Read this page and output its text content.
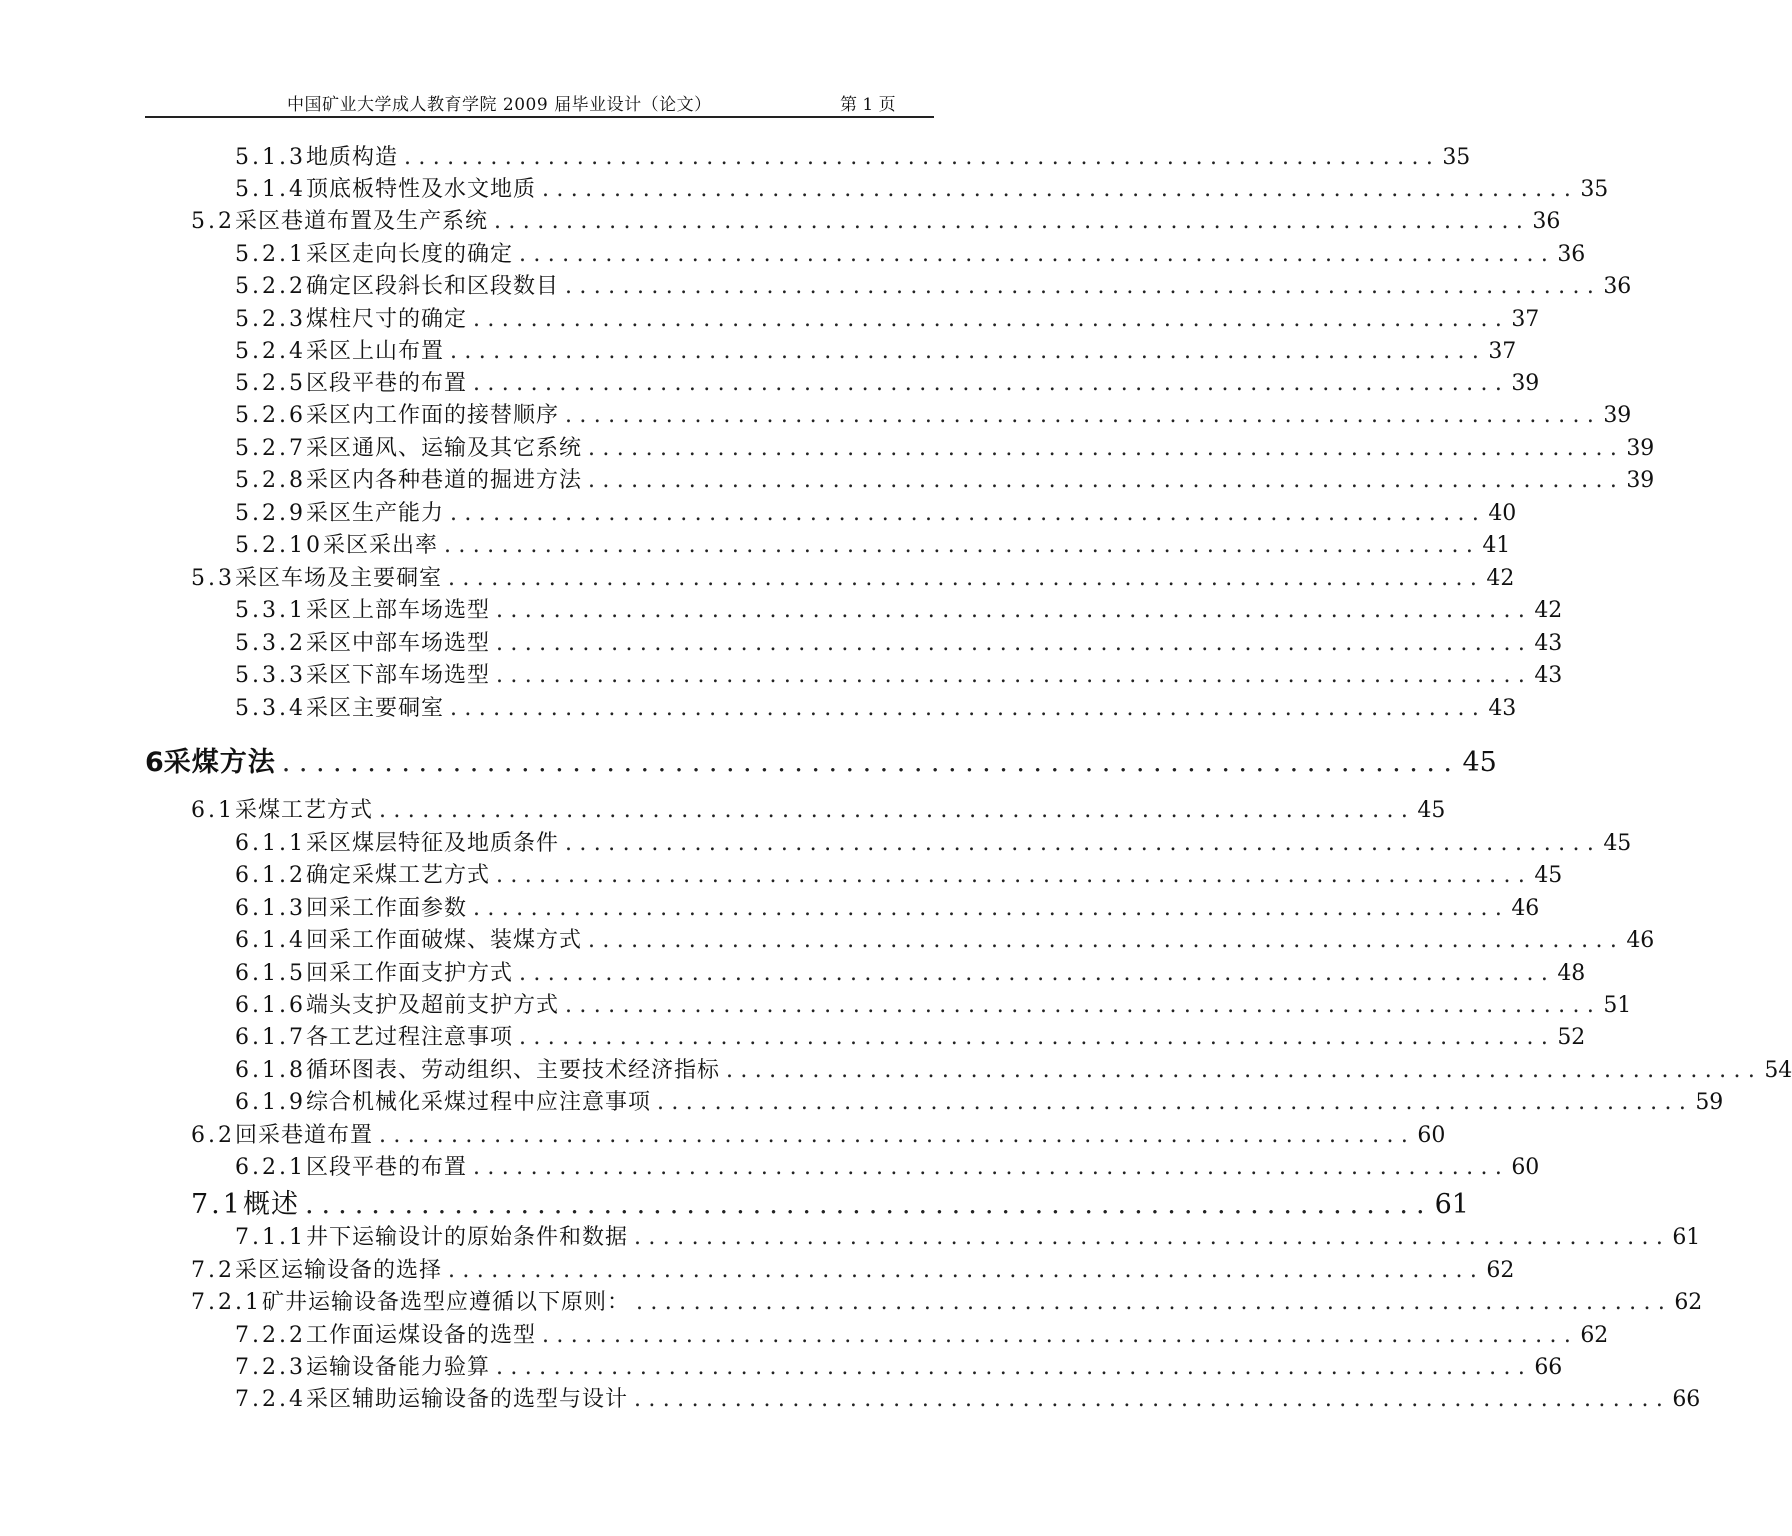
中国矿业大学成人教育学院 2009 届毕业设计（论文）	第 1 页
5.1.3 地质构造 ........................................................................ 35
5.1.4 顶底板特性及水文地质 ........................................................................ 35
5.2 采区巷道布置及生产系统 ........................................................................ 36
5.2.1 采区走向长度的确定 ........................................................................ 36
5.2.2 确定区段斜长和区段数目 ........................................................................ 36
5.2.3 煤柱尺寸的确定 ........................................................................ 37
5.2.4 采区上山布置 ........................................................................ 37
5.2.5 区段平巷的布置 ........................................................................ 39
5.2.6 采区内工作面的接替顺序 ........................................................................ 39
5.2.7 采区通风、运输及其它系统 ........................................................................ 39
5.2.8 采区内各种巷道的掘进方法 ........................................................................ 39
5.2.9 采区生产能力 ........................................................................ 40
5.2.10 采区采出率 ........................................................................ 41
5.3 采区车场及主要硐室 ........................................................................ 42
5.3.1 采区上部车场选型 ........................................................................ 42
5.3.2 采区中部车场选型 ........................................................................ 43
5.3.3 采区下部车场选型 ........................................................................ 43
5.3.4 采区主要硐室 ........................................................................ 43
6 采煤方法 ..................................................................... 45
6.1 采煤工艺方式 ........................................................................ 45
6.1.1 采区煤层特征及地质条件 ........................................................................ 45
6.1.2 确定采煤工艺方式 ........................................................................ 45
6.1.3 回采工作面参数 ........................................................................ 46
6.1.4 回采工作面破煤、装煤方式 ........................................................................ 46
6.1.5 回采工作面支护方式 ........................................................................ 48
6.1.6 端头支护及超前支护方式 ........................................................................ 51
6.1.7 各工艺过程注意事项 ........................................................................ 52
6.1.8 循环图表、劳动组织、主要技术经济指标 ........................................................................ 54
6.1.9 综合机械化采煤过程中应注意事项 ........................................................................ 59
6.2 回采巷道布置 ........................................................................ 60
6.2.1 区段平巷的布置 ........................................................................ 60
7.1 概述 .................................................................... 61
7.1.1 井下运输设计的原始条件和数据 ........................................................................ 61
7.2 采区运输设备的选择 ........................................................................ 62
7.2.1 矿井运输设备选型应遵循以下原则： ........................................................................ 62
7.2.2 工作面运煤设备的选型 ........................................................................ 62
7.2.3 运输设备能力验算 ........................................................................ 66
7.2.4 采区辅助运输设备的选型与设计 ........................................................................ 66
